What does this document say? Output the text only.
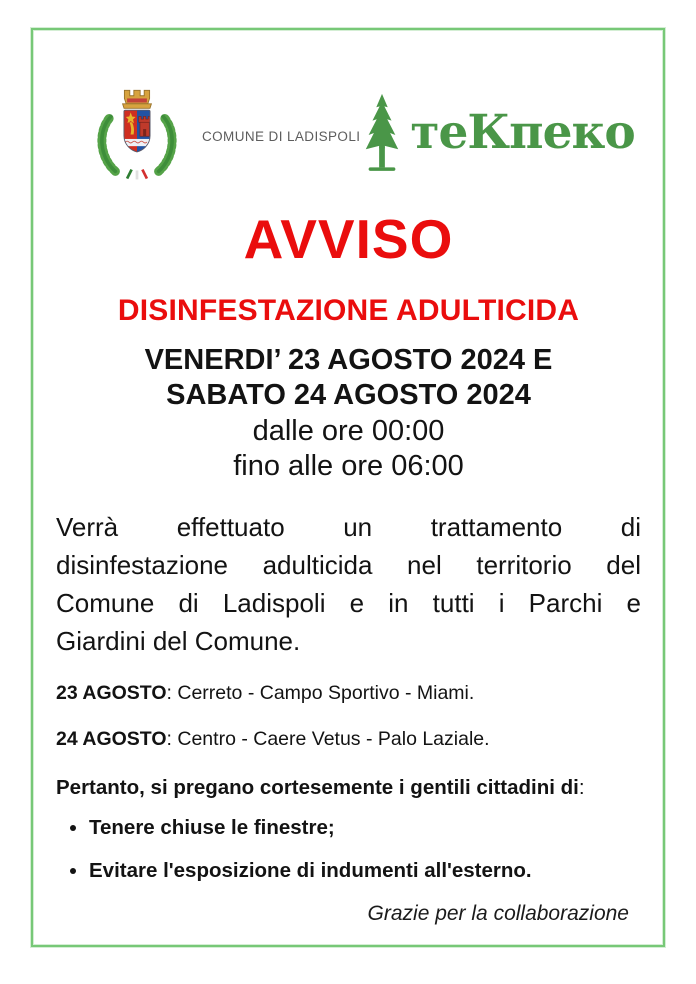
COMUNE DI LADISPOLI теКпеко
AVVISO
DISINFESTAZIONE ADULTICIDA
VENERDI’ 23 AGOSTO 2024 E
SABATO 24 AGOSTO 2024
dalle ore 00:00
fino alle ore 06:00
Verrà effettuato un trattamento di
disinfestazione adulticida nel territorio del
Comune di Ladispoli e in tutti i Parchi e
Giardini del Comune.

23 AGOSTO: Cerreto - Campo Sportivo - Miami.

24 AGOSTO: Centro - Caere Vetus - Palo Laziale.

Pertanto, si pregano cortesemente i gentili cittadini di:

• Tenere chiuse le finestre;
• Evitare l'esposizione di indumenti all'esterno.
Grazie per la collaborazione
